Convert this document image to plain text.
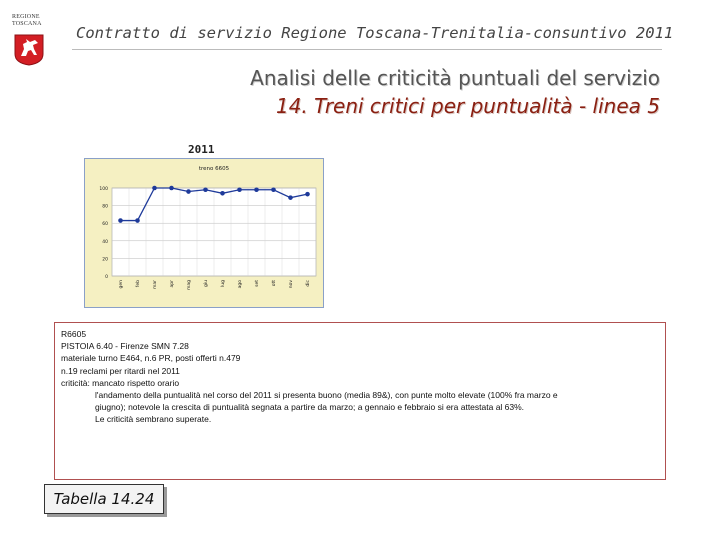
REGIONE
TOSCANA Contratto di servizio Regione Toscana-Trenitalia-consuntivo 2011
Analisi delle criticità puntuali del servizio
14. Treni critici per puntualità - linea 5
2011
0
20
40
60
80
100
treno 6605
gen	feb	mar	apr	mag	giu	lug	ago	set	ott	nov	dic
R6605
PISTOIA 6.40 - Firenze SMN 7.28
materiale turno E464, n.6 PR, posti offerti n.479
n.19 reclami per ritardi nel 2011
criticità: mancato rispetto orario
l'andamento della puntualità nel corso del 2011 si presenta buono (media 89&), con punte molto elevate (100% fra marzo e
giugno); notevole la crescita di puntualità segnata a partire da marzo; a gennaio e febbraio si era attestata al 63%.
Le criticità sembrano superate.
Tabella 14.24
